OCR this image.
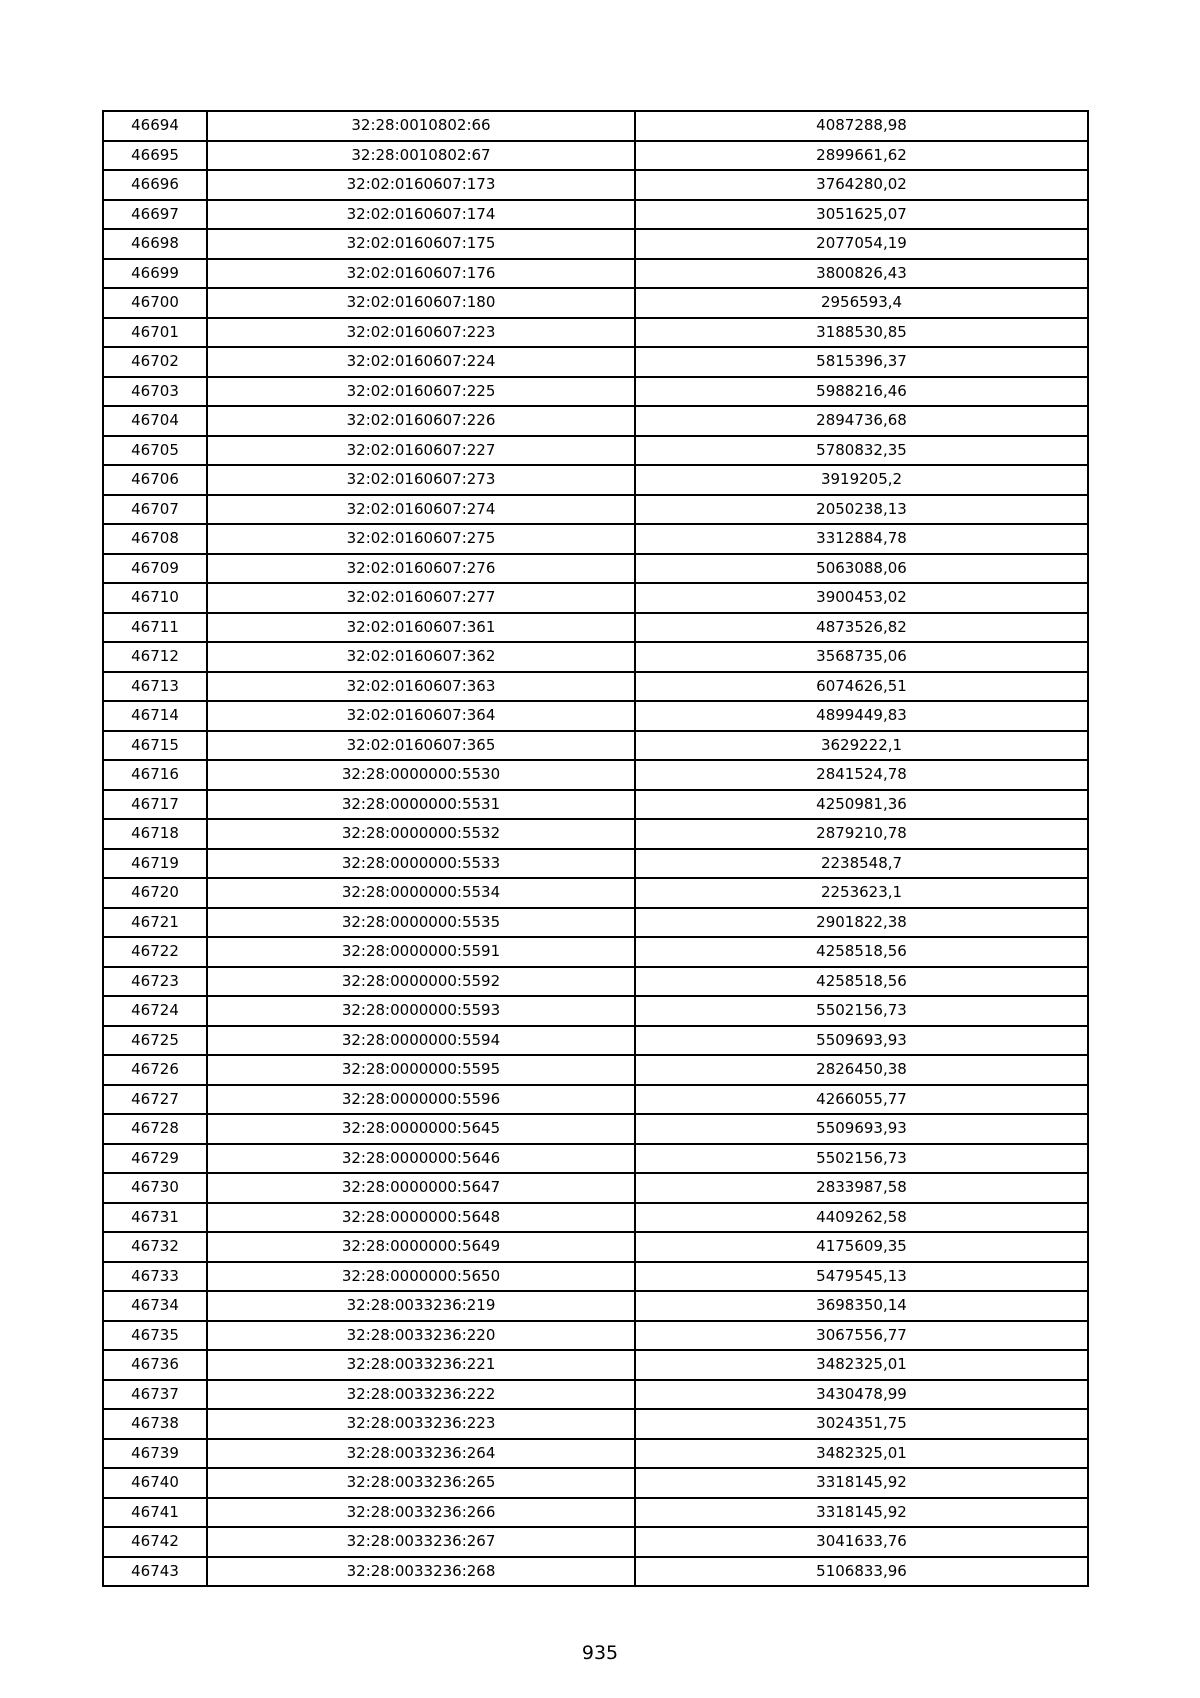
46694	32:28:0010802:66	4087288,98
46695	32:28:0010802:67	2899661,62
46696	32:02:0160607:173	3764280,02
46697	32:02:0160607:174	3051625,07
46698	32:02:0160607:175	2077054,19
46699	32:02:0160607:176	3800826,43
46700	32:02:0160607:180	2956593,4
46701	32:02:0160607:223	3188530,85
46702	32:02:0160607:224	5815396,37
46703	32:02:0160607:225	5988216,46
46704	32:02:0160607:226	2894736,68
46705	32:02:0160607:227	5780832,35
46706	32:02:0160607:273	3919205,2
46707	32:02:0160607:274	2050238,13
46708	32:02:0160607:275	3312884,78
46709	32:02:0160607:276	5063088,06
46710	32:02:0160607:277	3900453,02
46711	32:02:0160607:361	4873526,82
46712	32:02:0160607:362	3568735,06
46713	32:02:0160607:363	6074626,51
46714	32:02:0160607:364	4899449,83
46715	32:02:0160607:365	3629222,1
46716	32:28:0000000:5530	2841524,78
46717	32:28:0000000:5531	4250981,36
46718	32:28:0000000:5532	2879210,78
46719	32:28:0000000:5533	2238548,7
46720	32:28:0000000:5534	2253623,1
46721	32:28:0000000:5535	2901822,38
46722	32:28:0000000:5591	4258518,56
46723	32:28:0000000:5592	4258518,56
46724	32:28:0000000:5593	5502156,73
46725	32:28:0000000:5594	5509693,93
46726	32:28:0000000:5595	2826450,38
46727	32:28:0000000:5596	4266055,77
46728	32:28:0000000:5645	5509693,93
46729	32:28:0000000:5646	5502156,73
46730	32:28:0000000:5647	2833987,58
46731	32:28:0000000:5648	4409262,58
46732	32:28:0000000:5649	4175609,35
46733	32:28:0000000:5650	5479545,13
46734	32:28:0033236:219	3698350,14
46735	32:28:0033236:220	3067556,77
46736	32:28:0033236:221	3482325,01
46737	32:28:0033236:222	3430478,99
46738	32:28:0033236:223	3024351,75
46739	32:28:0033236:264	3482325,01
46740	32:28:0033236:265	3318145,92
46741	32:28:0033236:266	3318145,92
46742	32:28:0033236:267	3041633,76
46743	32:28:0033236:268	5106833,96
935
